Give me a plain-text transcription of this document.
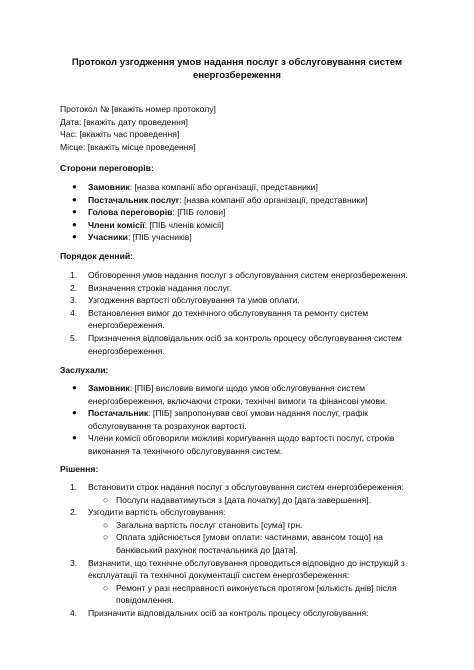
Протокол узгодження умов надання послуг з обслуговування систем енергозбереження
Протокол № [вкажіть номер протоколу]
Дата: [вкажіть дату проведення]
Час: [вкажіть час проведення]
Місце: [вкажіть місце проведення]
Сторони переговорів:
● Замовник: [назва компанії або організації, представники]
● Постачальник послуг: [назва компанії або організації, представники]
● Голова переговорів: [ПІБ голови]
● Члени комісії: [ПІБ членів комісії]
● Учасники: [ПІБ учасників]
Порядок денний:
1. Обговорення умов надання послуг з обслуговування систем енергозбереження.
2. Визначення строків надання послуг.
3. Узгодження вартості обслуговування та умов оплати.
4. Встановлення вимог до технічного обслуговування та ремонту систем енергозбереження.
5. Призначення відповідальних осіб за контроль процесу обслуговування систем енергозбереження.
Заслухали:
● Замовник: [ПІБ] висловив вимоги щодо умов обслуговування систем енергозбереження, включаючи строки, технічні вимоги та фінансові умови.
● Постачальник: [ПІБ] запропонував свої умови надання послуг, графік обслуговування та розрахунок вартості.
● Члени комісії обговорили можливі коригування щодо вартості послуг, строків виконання та технічного обслуговування систем.
Рішення:
1. Встановити строк надання послуг з обслуговування систем енергозбереження:
○ Послуги надаватимуться з [дата початку] до [дата завершення].
2. Узгодити вартість обслуговування:
○ Загальна вартість послуг становить [сума] грн.
○ Оплата здійснюється [умови оплати: частинами, авансом тощо] на банківський рахунок постачальника до [дата].
3. Визначити, що технічне обслуговування проводиться відповідно до інструкцій з експлуатації та технічної документації систем енергозбереження:
○ Ремонт у разі несправності виконується протягом [кількість днів] після повідомлення.
4. Призначити відповідальних осіб за контроль процесу обслуговування:
